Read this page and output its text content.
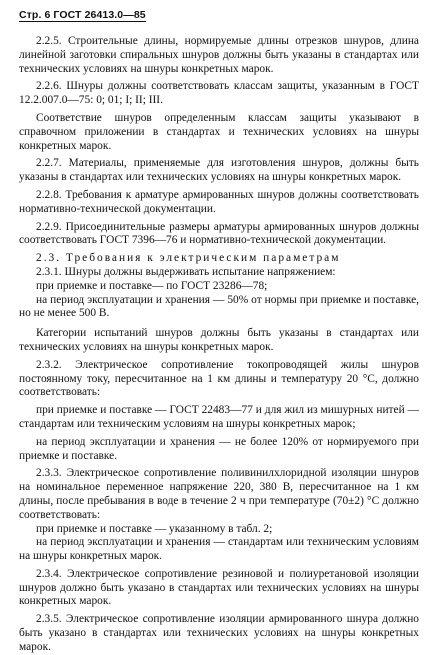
Стр. 6 ГОСТ 26413.0—85

2.2.5. Строительные длины, нормируемые длины отрезков шнуров, длина линейной заготовки спиральных шнуров должны быть указаны в стандартах или технических условиях на шнуры конкретных марок.

2.2.6. Шнуры должны соответствовать классам защиты, указанным в ГОСТ 12.2.007.0—75: 0; 01; I; II; III.

Соответствие шнуров определенным классам защиты указывают в справочном приложении в стандартах и технических условиях на шнуры конкретных марок.

2.2.7. Материалы, применяемые для изготовления шнуров, должны быть указаны в стандартах или технических условиях на шнуры конкретных марок.

2.2.8. Требования к арматуре армированных шнуров должны соответствовать нормативно-технической документации.

2.2.9. Присоединительные размеры арматуры армированных шнуров должны соответствовать ГОСТ 7396—76 и нормативно-технической документации.

2.3. Требования к электрическим параметрам

2.3.1. Шнуры должны выдерживать испытание напряжением:

при приемке и поставке— по ГОСТ 23286—78;

на период эксплуатации и хранения — 50% от нормы при приемке и поставке, но не менее 500 В.

Категории испытаний шнуров должны быть указаны в стандартах или технических условиях на шнуры конкретных марок.

2.3.2. Электрическое сопротивление токопроводящей жилы шнуров постоянному току, пересчитанное на 1 км длины и температуру 20 °С, должно соответствовать:

при приемке и поставке — ГОСТ 22483—77 и для жил из мишурных нитей — стандартам или техническим условиям на шнуры конкретных марок;

на период эксплуатации и хранения — не более 120% от нормируемого при приемке и поставке.

2.3.3. Электрическое сопротивление поливинилхлоридной изоляции шнуров на номинальное переменное напряжение 220, 380 В, пересчитанное на 1 км длины, после пребывания в воде в течение 2 ч при температуре (70±2) °С должно соответствовать:

при приемке и поставке — указанному в табл. 2;

на период эксплуатации и хранения — стандартам или техническим условиям на шнуры конкретных марок.

2.3.4. Электрическое сопротивление резиновой и полиуретановой изоляции шнуров должно быть указано в стандартах или технических условиях на шнуры конкретных марок.

2.3.5. Электрическое сопротивление изоляции армированного шнура должно быть указано в стандартах или технических условиях на шнуры конкретных марок.
